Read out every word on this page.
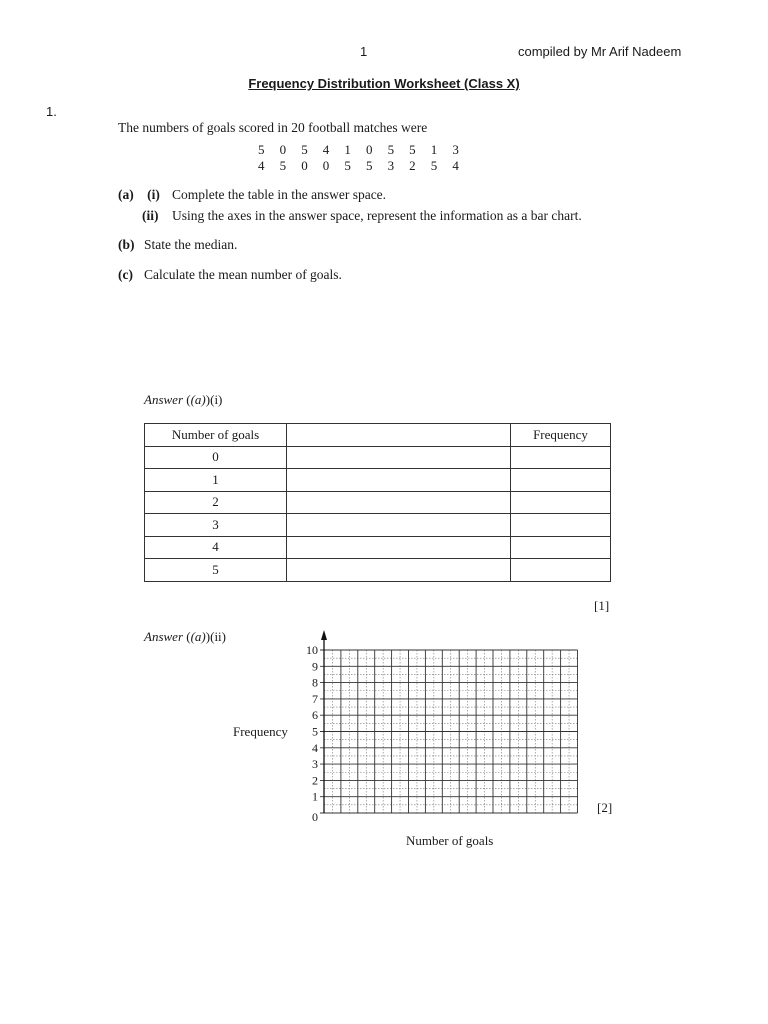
1	compiled by Mr Arif Nadeem
Frequency Distribution Worksheet (Class X)
1.
The numbers of goals scored in 20 football matches were
5	0	5	4	1	0	5	5	1	3
4	5	0	0	5	5	3	2	5	4
(a) (i) Complete the table in the answer space.
(ii) Using the axes in the answer space, represent the information as a bar chart.
(b) State the median.
(c) Calculate the mean number of goals.
Answer ((a))(i)
Number of goals		Frequency
0		
1		
2		
3		
4		
5		
[1]
Answer ((a))(ii)
Frequency
0
1
2
3
4
5
6
7
8
9
10
Number of goals
[2]
